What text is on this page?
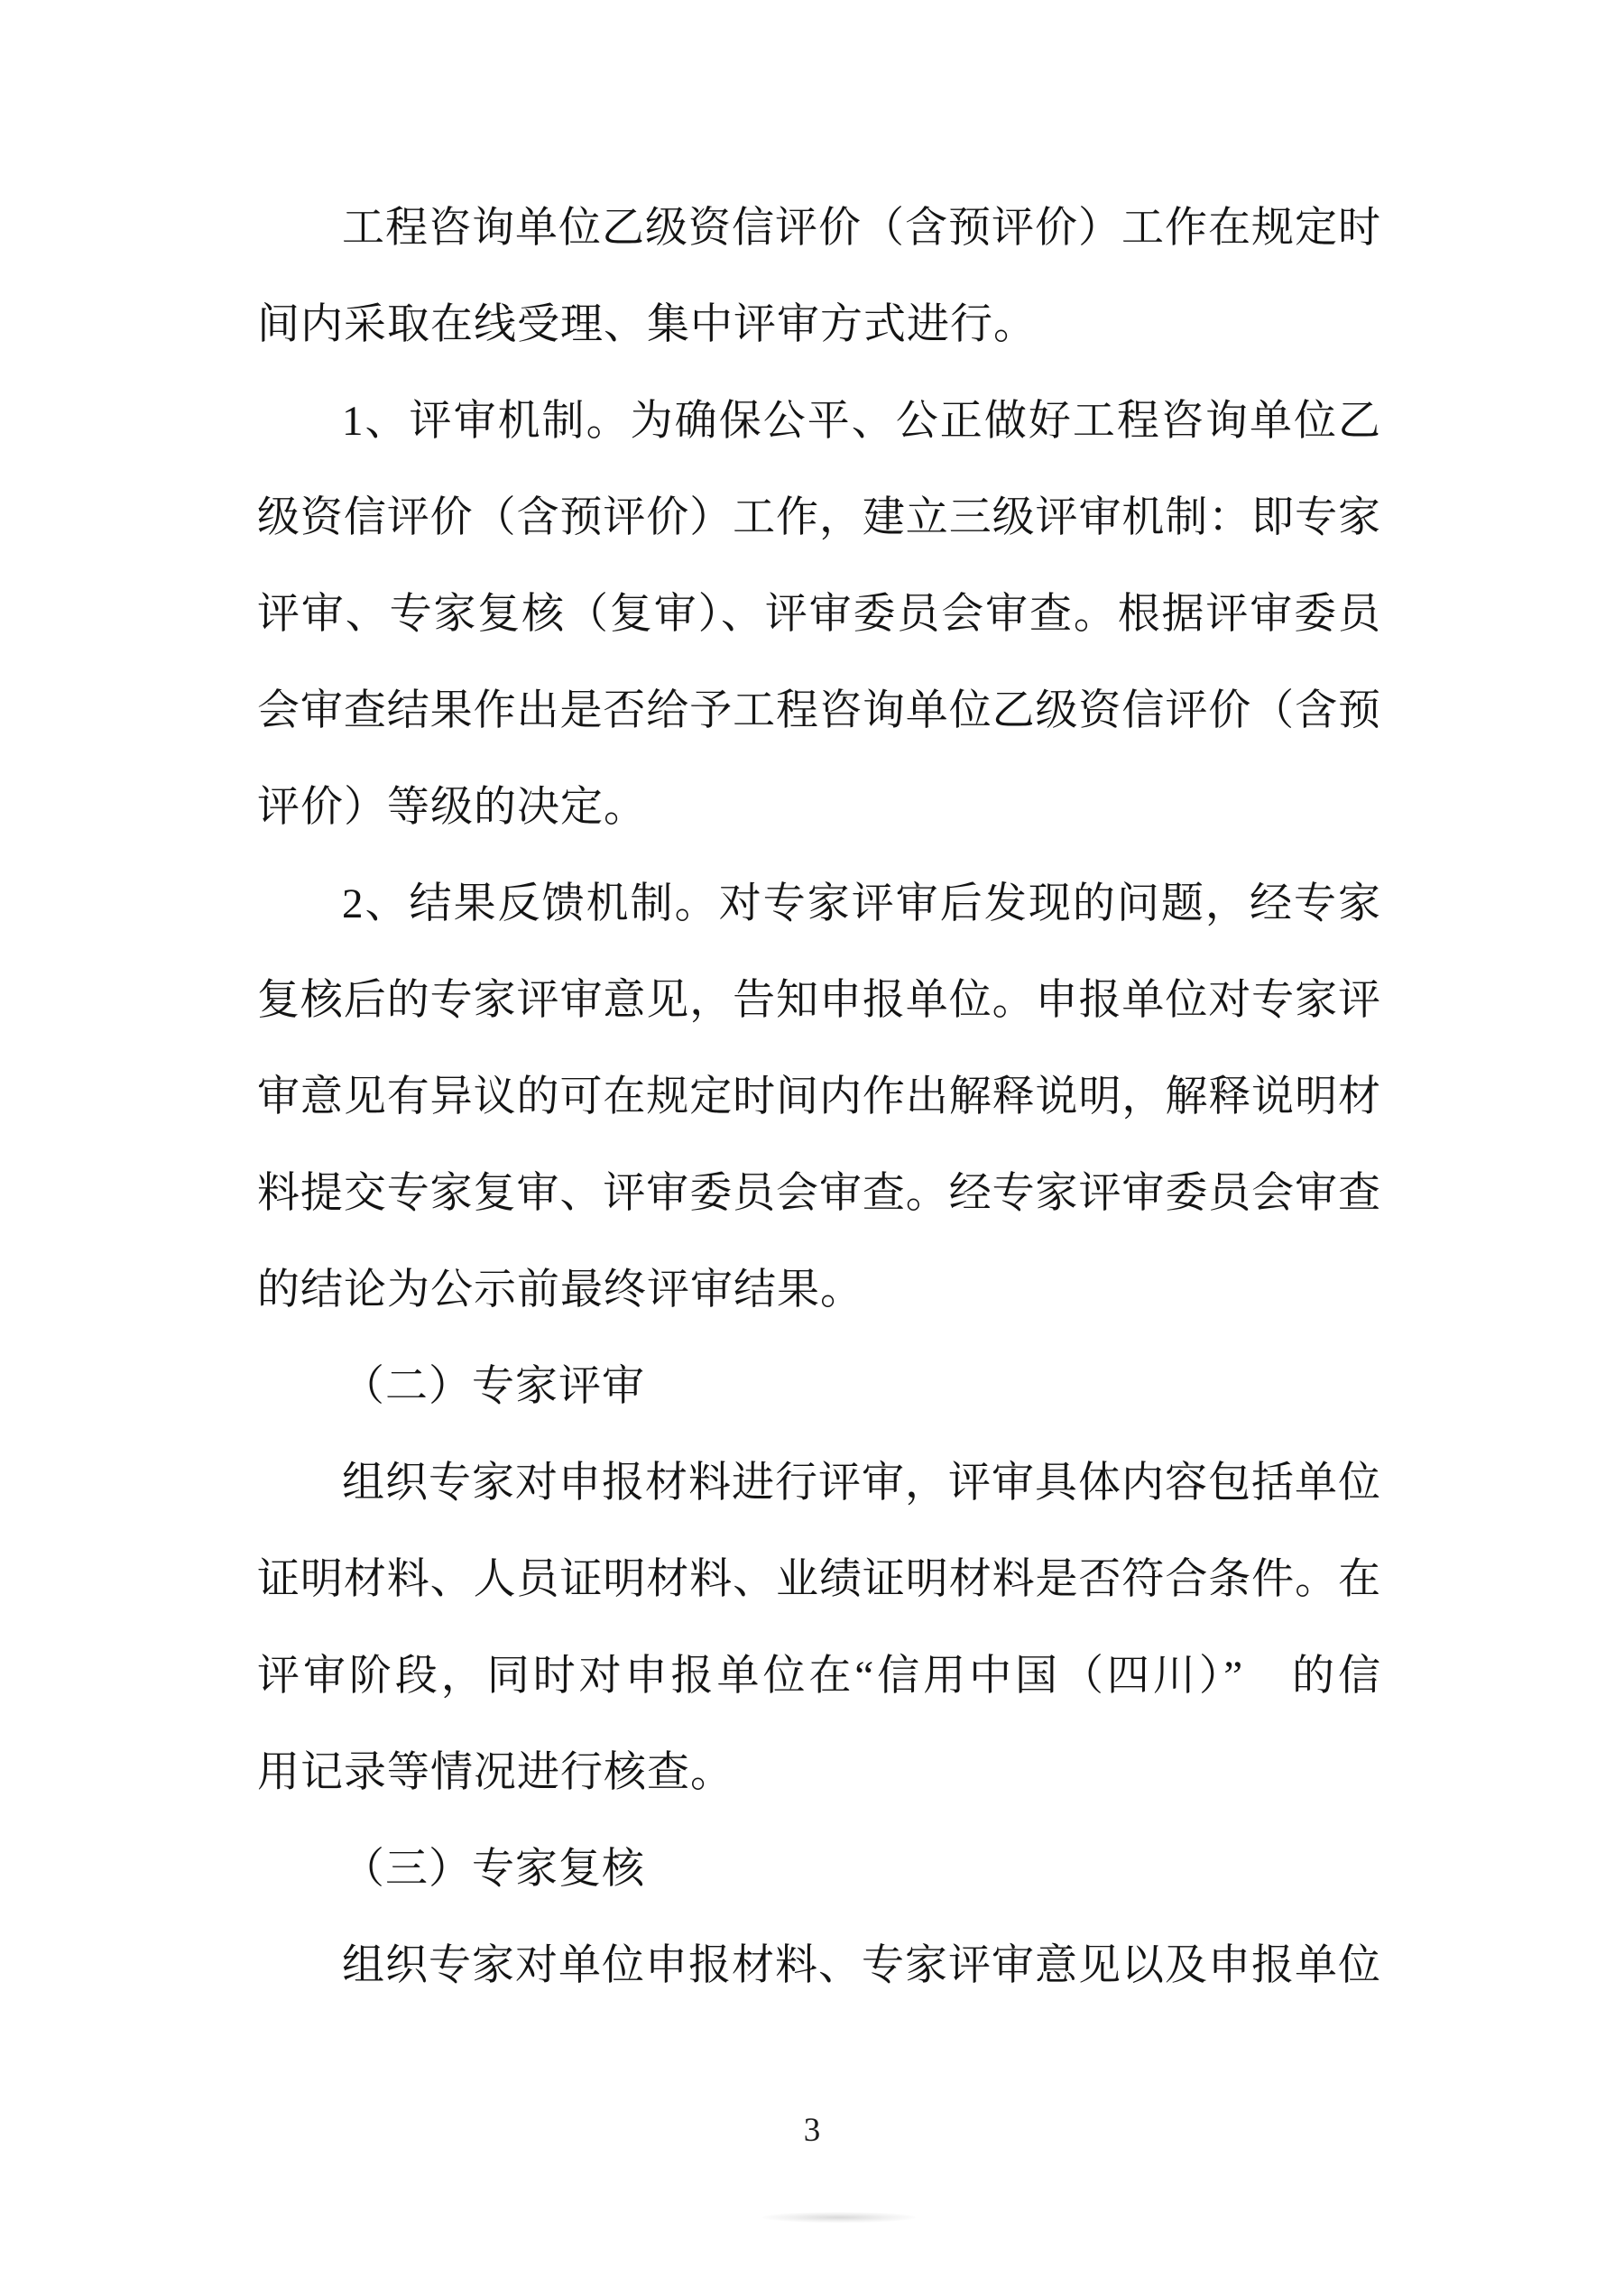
工程咨询单位乙级资信评价（含预评价）工作在规定时
间内采取在线受理、集中评审方式进行。
1、评审机制。为确保公平、公正做好工程咨询单位乙
级资信评价（含预评价）工作，建立三级评审机制：即专家
评审、专家复核（复审）、评审委员会审查。根据评审委员
会审查结果作出是否给予工程咨询单位乙级资信评价（含预
评价）等级的决定。
2、结果反馈机制。对专家评审后发现的问题，经专家
复核后的专家评审意见，告知申报单位。申报单位对专家评
审意见有异议的可在规定时间内作出解释说明，解释说明材
料提交专家复审、评审委员会审查。经专家评审委员会审查
的结论为公示前最终评审结果。
（二）专家评审
组织专家对申报材料进行评审，评审具体内容包括单位
证明材料、人员证明材料、业绩证明材料是否符合条件。在
评审阶段，同时对申报单位在“信用中国（四川）”　的信
用记录等情况进行核查。
（三）专家复核
组织专家对单位申报材料、专家评审意见以及申报单位
3
